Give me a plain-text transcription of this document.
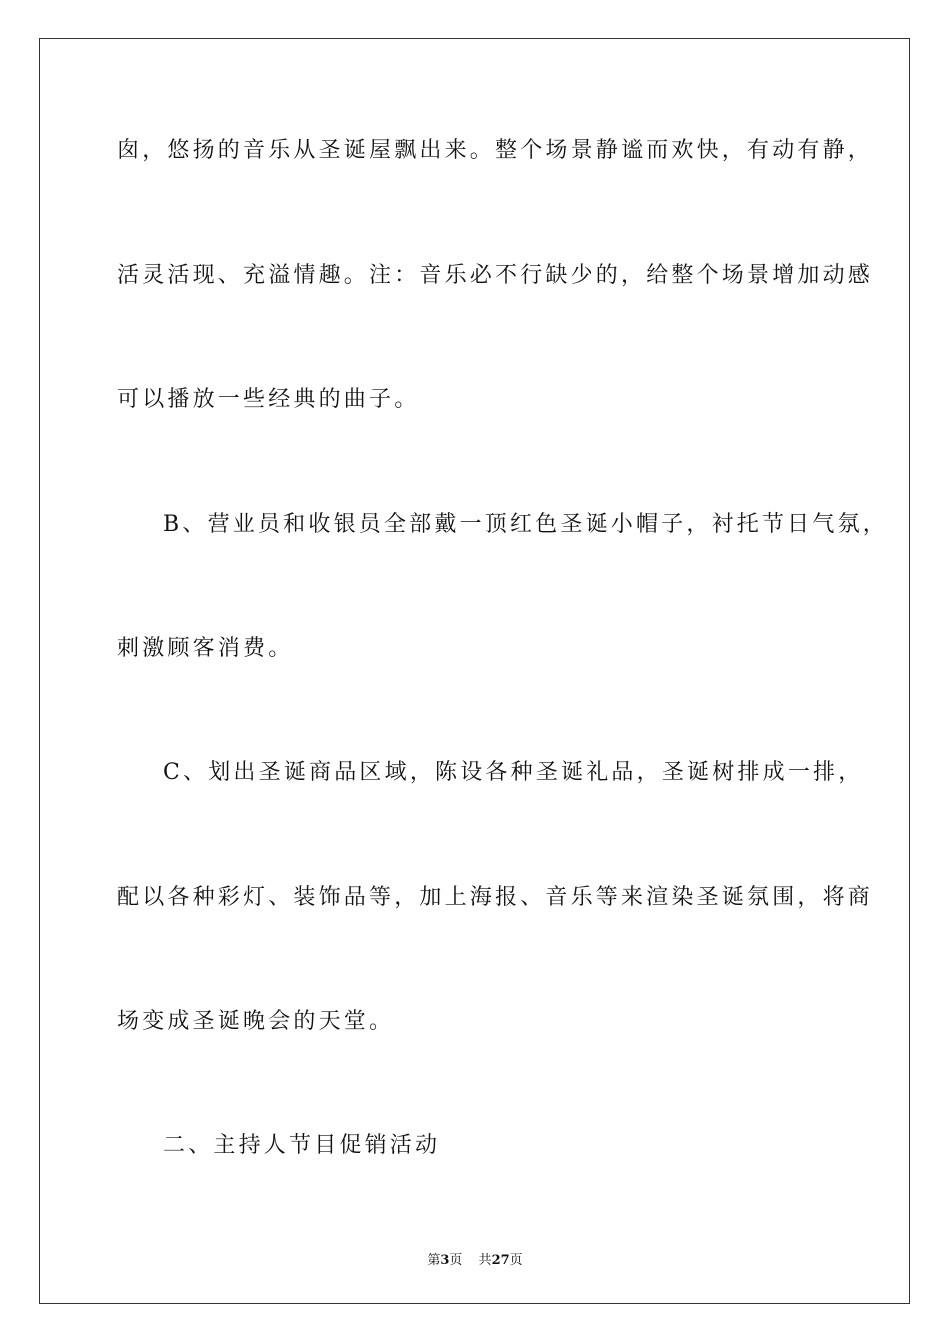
囱，悠扬的音乐从圣诞屋飘出来。整个场景静谧而欢快，有动有静，
活灵活现、充溢情趣。注：音乐必不行缺少的，给整个场景增加动感
可以播放一些经典的曲子。
B、营业员和收银员全部戴一顶红色圣诞小帽子，衬托节日气氛，
刺激顾客消费。
C、划出圣诞商品区域，陈设各种圣诞礼品，圣诞树排成一排，
配以各种彩灯、装饰品等，加上海报、音乐等来渲染圣诞氛围，将商
场变成圣诞晚会的天堂。
二、主持人节目促销活动
第3页 共27页
